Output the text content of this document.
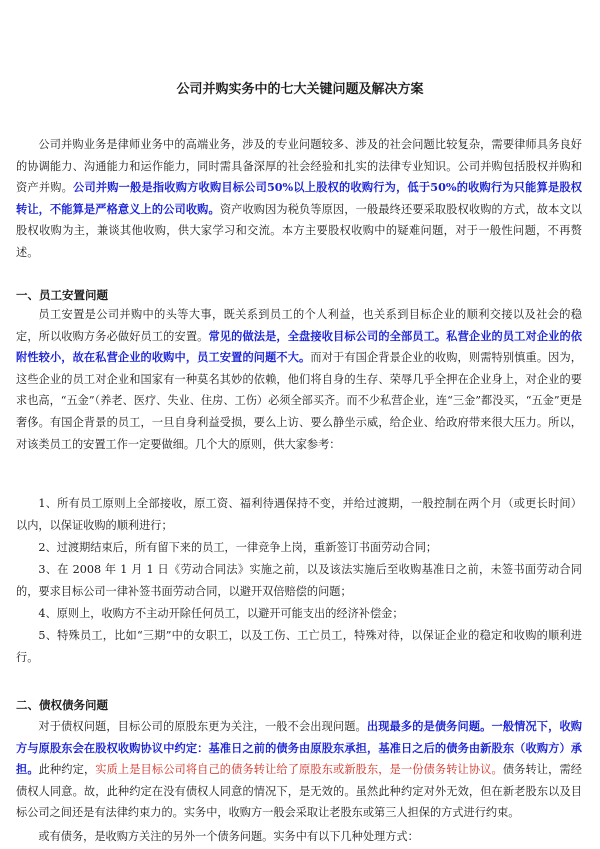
公司并购实务中的七大关键问题及解决方案

公司并购业务是律师业务中的高端业务，涉及的专业问题较多、涉及的社会问题比较复杂，需要律师具务良好的协调能力、沟通能力和运作能力，同时需具备深厚的社会经验和扎实的法律专业知识。公司并购包括股权并购和资产并购。公司并购一般是指收购方收购目标公司50%以上股权的收购行为，低于50%的收购行为只能算是股权转让，不能算是严格意义上的公司收购。资产收购因为税负等原因，一般最终还要采取股权收购的方式，故本文以股权收购为主，兼谈其他收购，供大家学习和交流。本方主要股权收购中的疑难问题，对于一般性问题，不再赘述。

一、员工安置问题

员工安置是公司并购中的头等大事，既关系到员工的个人利益，也关系到目标企业的顺利交接以及社会的稳定，所以收购方务必做好员工的安置。常见的做法是，全盘接收目标公司的全部员工。私营企业的员工对企业的依附性较小，故在私营企业的收购中，员工安置的问题不大。而对于有国企背景企业的收购，则需特别慎重。因为，这些企业的员工对企业和国家有一种莫名其妙的依赖，他们将自身的生存、荣辱几乎全押在企业身上，对企业的要求也高，“五金”（养老、医疗、失业、住房、工伤）必须全部买齐。而不少私营企业，连“三金”都没买，“五金”更是奢侈。有国企背景的员工，一旦自身利益受损，要么上访、要么静坐示威，给企业、给政府带来很大压力。所以，对该类员工的安置工作一定要做细。几个大的原则，供大家参考：

1、所有员工原则上全部接收，原工资、福利待遇保持不变，并给过渡期，一般控制在两个月（或更长时间）以内，以保证收购的顺利进行；

2、过渡期结束后，所有留下来的员工，一律竞争上岗，重新签订书面劳动合同；

3、在 2008 年 1 月 1 日《劳动合同法》实施之前，以及该法实施后至收购基准日之前，未签书面劳动合同的，要求目标公司一律补签书面劳动合同，以避开双倍赔偿的问题；

4、原则上，收购方不主动开除任何员工，以避开可能支出的经济补偿金；

5、特殊员工，比如“三期”中的女职工，以及工伤、工亡员工，特殊对待，以保证企业的稳定和收购的顺利进行。

二、债权债务问题

对于债权问题，目标公司的原股东更为关注，一般不会出现问题。出现最多的是债务问题。一般情况下，收购方与原股东会在股权收购协议中约定：基准日之前的债务由原股东承担，基准日之后的债务由新股东（收购方）承担。此种约定，实质上是目标公司将自己的债务转让给了原股东或新股东，是一份债务转让协议。债务转让，需经债权人同意。故，此种约定在没有债权人同意的情况下，是无效的。虽然此种约定对外无效，但在新老股东以及目标公司之间还是有法律约束力的。实务中，收购方一般会采取让老股东或第三人担保的方式进行约束。

或有债务，是收购方关注的另外一个债务问题。实务中有以下几种处理方式：
